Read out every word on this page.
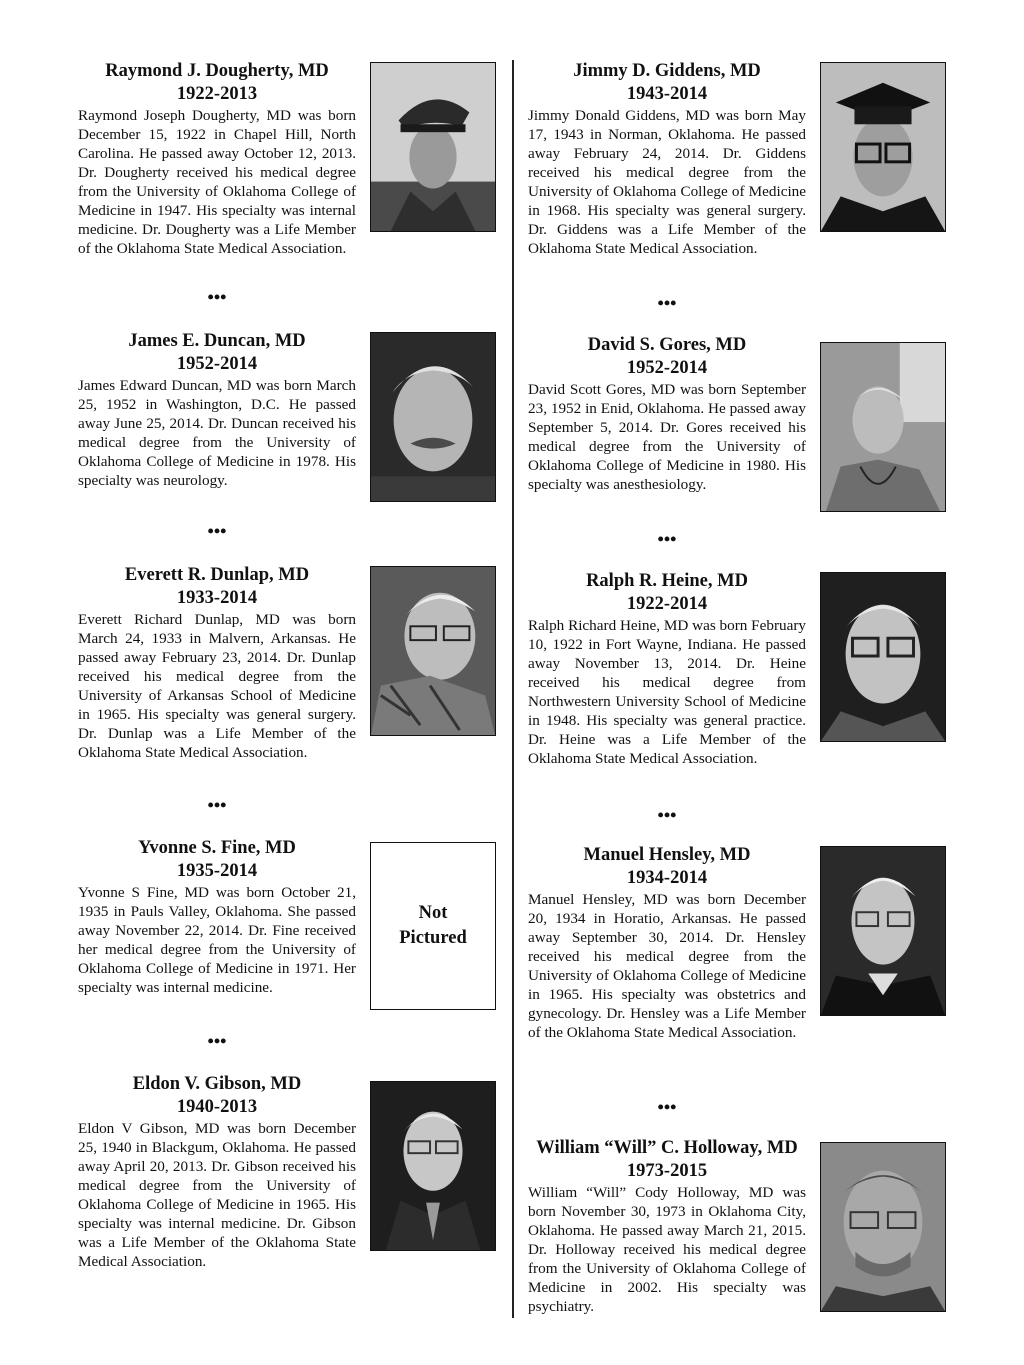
Raymond J. Dougherty, MD

1922-2013

Raymond Joseph Dougherty, MD was born December 15, 1922 in Chapel Hill, North Carolina. He passed away October 12, 2013. Dr. Dougherty received his medical degree from the University of Oklahoma College of Medicine in 1947. His specialty was internal medicine. Dr. Dougherty was a Life Member of the Oklahoma State Medical Association.

•••

James E. Duncan, MD

1952-2014

James Edward Duncan, MD was born March 25, 1952 in Washington, D.C. He passed away June 25, 2014. Dr. Duncan received his medical degree from the University of Oklahoma College of Medicine in 1978. His specialty was neurology.

•••

Everett R. Dunlap, MD

1933-2014

Everett Richard Dunlap, MD was born March 24, 1933 in Malvern, Arkansas. He passed away February 23, 2014. Dr. Dunlap received his medical degree from the University of Arkansas School of Medicine in 1965. His specialty was general surgery. Dr. Dunlap was a Life Member of the Oklahoma State Medical Association.

•••

Yvonne S. Fine, MD

1935-2014

Yvonne S Fine, MD was born October 21, 1935 in Pauls Valley, Oklahoma. She passed away November 22, 2014. Dr. Fine received her medical degree from the University of Oklahoma College of Medicine in 1971. Her specialty was internal medicine.

Not
Pictured
•••

Eldon V. Gibson, MD

1940-2013

Eldon V Gibson, MD was born December 25, 1940 in Blackgum, Oklahoma. He passed away April 20, 2013. Dr. Gibson received his medical degree from the University of Oklahoma College of Medicine in 1965. His specialty was internal medicine. Dr. Gibson was a Life Member of the Oklahoma State Medical Association.

Jimmy D. Giddens, MD

1943-2014

Jimmy Donald Giddens, MD was born May 17, 1943 in Norman, Oklahoma. He passed away February 24, 2014. Dr. Giddens received his medical degree from the University of Oklahoma College of Medicine in 1968. His specialty was general surgery. Dr. Giddens was a Life Member of the Oklahoma State Medical Association.

•••

David S. Gores, MD

1952-2014

David Scott Gores, MD was born September 23, 1952 in Enid, Oklahoma. He passed away September 5, 2014. Dr. Gores received his medical degree from the University of Oklahoma College of Medicine in 1980. His specialty was anesthesiology.

•••

Ralph R. Heine, MD

1922-2014

Ralph Richard Heine, MD was born February 10, 1922 in Fort Wayne, Indiana. He passed away November 13, 2014. Dr. Heine received his medical degree from Northwestern University School of Medicine in 1948. His specialty was general practice. Dr. Heine was a Life Member of the Oklahoma State Medical Association.

•••

Manuel Hensley, MD

1934-2014

Manuel Hensley, MD was born December 20, 1934 in Horatio, Arkansas. He passed away September 30, 2014. Dr. Hensley received his medical degree from the University of Oklahoma College of Medicine in 1965. His specialty was obstetrics and gynecology. Dr. Hensley was a Life Member of the Oklahoma State Medical Association.

•••

William “Will” C. Holloway, MD

1973-2015

William “Will” Cody Holloway, MD was born November 30, 1973 in Oklahoma City, Oklahoma. He passed away March 21, 2015. Dr. Holloway received his medical degree from the University of Oklahoma College of Medicine in 2002. His specialty was psychiatry.
